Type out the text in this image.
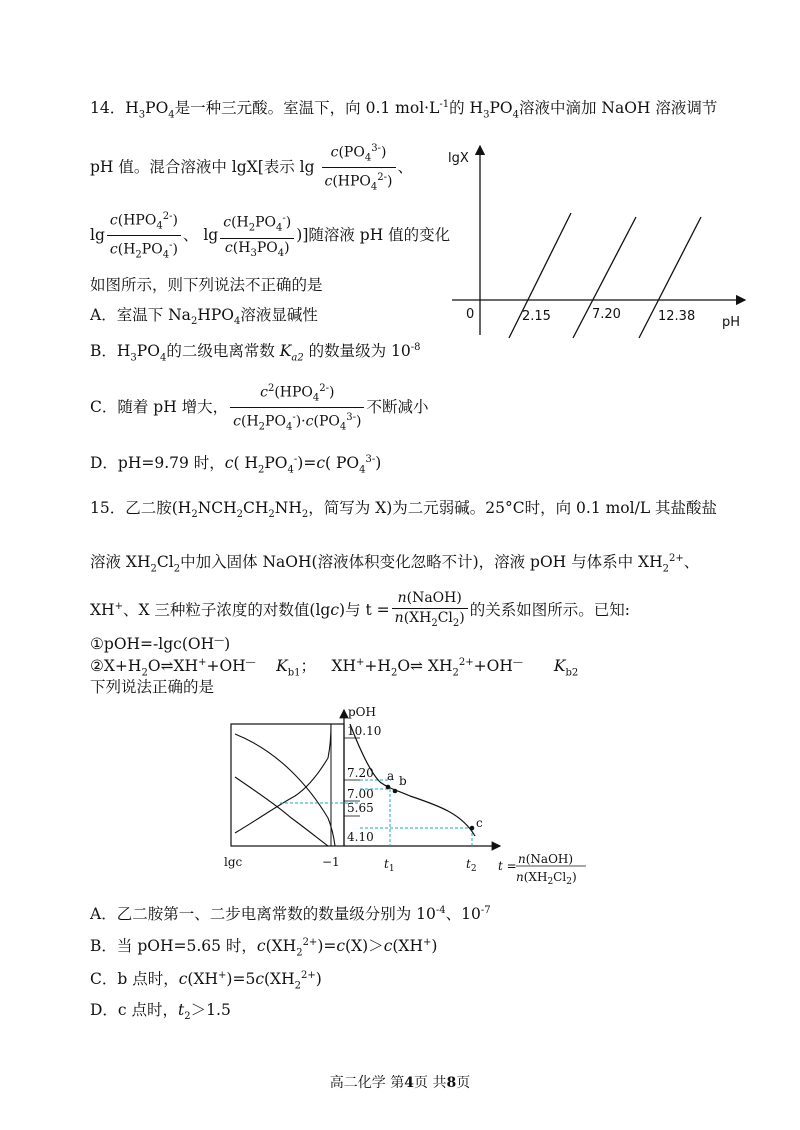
14．$H_3PO_4$是一种三元酸。室温下，向 0.1 $mol\cdot L^{-1}$的 $H_3PO_4$溶液中滴加 NaOH 溶液调节
pH 值。混合溶液中 lgX[表示 $\lg \frac{c(PO_4^{3-})}{c(HPO_4^{2-})}$ 、
$\lg \frac{c(HPO_4^{2-})}{c(H_2PO_4^-)}$ 、 $\lg \frac{c(H_2PO_4^-)}{c(H_3PO_4)}$ )]随溶液 pH 值的变化
如图所示，则下列说法不正确的是
A．室温下 $Na_2HPO_4$溶液显碱性
B．$H_3PO_4$的二级电离常数 $K_{a2}$ 的数量级为 $10^{-8}$
C．随着 pH 增大， $\frac{c^2(HPO_4^{2-})}{c(H_2PO_4^-)\cdot c(PO_4^{3-})}$ 不断减小
D．pH=9.79 时，c( $H_2PO_4^-)=c$( $PO_4^{3-}$)
lgX
pH
0	2.15	7.20	12.38
15．乙二胺($H_2NCH_2CH_2NH_2$，简写为 X)为二元弱碱。25°C时，向 0.1 mol/L 其盐酸盐
溶液 $XH_2Cl_2$中加入固体 NaOH(溶液体积变化忽略不计)，溶液 pOH 与体系中 $XH_2^{2+}$、
XH+、X 三种粒子浓度的对数值(lgc)与 $t = \frac{\text{n(NaOH)}}{n(XH_2Cl_2)}$ 的关系如图所示。已知:
①pOH=-lgc(OH—)
$②X+H_2O\rightleftharpoons XH^++OH^—$   $K_{b1}$； $XH^++H_2O\rightleftharpoons$ $XH_2^{2+}+OH^—$   $K_{b2}$
下列说法正确的是
pOH
10.10
7.20
7.00
5.65
4.10
a b
c
lgc	−1	$t_1$	$t_2$ t = n(NaOH)
$n(XH_2Cl_2)$
A．乙二胺第一、二步电离常数的数量级分别为 $10^{-4}$、$10^{-7}$
B．当 pOH=5.65 时，$c(XH_2^{2+})=c(X)>c(XH^+)$
C．b 点时，$c(XH^+)=5c(XH_2^{2+})$
D．c 点时，$t_2>1.5$
高二化学 第4页 共8页
